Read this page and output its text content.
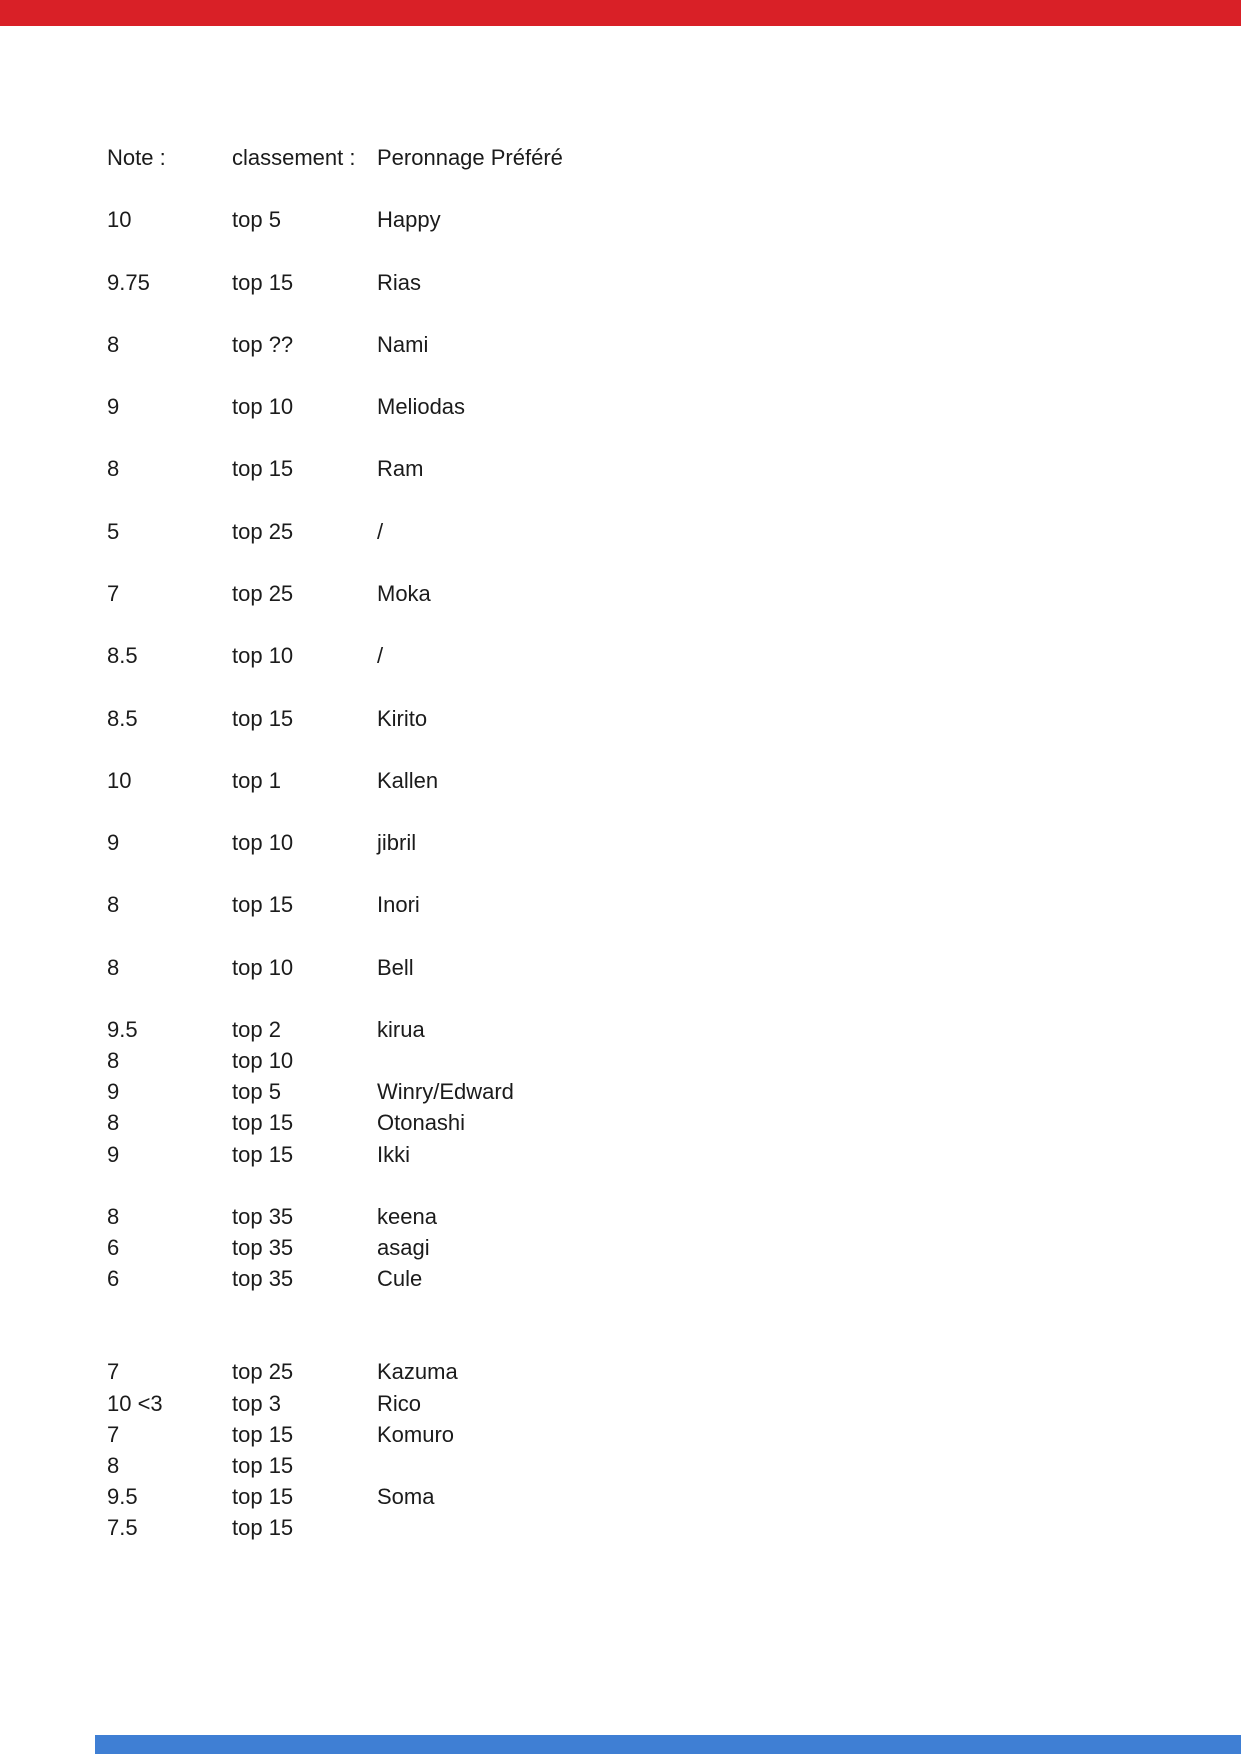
Note :	classement : Peronnage Préféré
10	top 5	Happy
9.75	top 15	Rias
8	top ??	Nami
9	top 10	Meliodas
8	top 15	Ram
5	top 25	/
7	top 25	Moka
8.5	top 10	/
8.5	top 15	Kirito
10	top 1	Kallen
9	top 10	jibril
8	top 15	Inori
8	top 10	Bell
9.5	top 2	kirua
8	top 10
9	top 5	Winry/Edward
8	top 15	Otonashi
9	top 15	Ikki
8	top 35	keena
6	top 35	asagi
6	top 35	Cule
7	top 25	Kazuma
10 <3	top 3	Rico
7	top 15	Komuro
8	top 15
9.5	top 15	Soma
7.5	top 15
